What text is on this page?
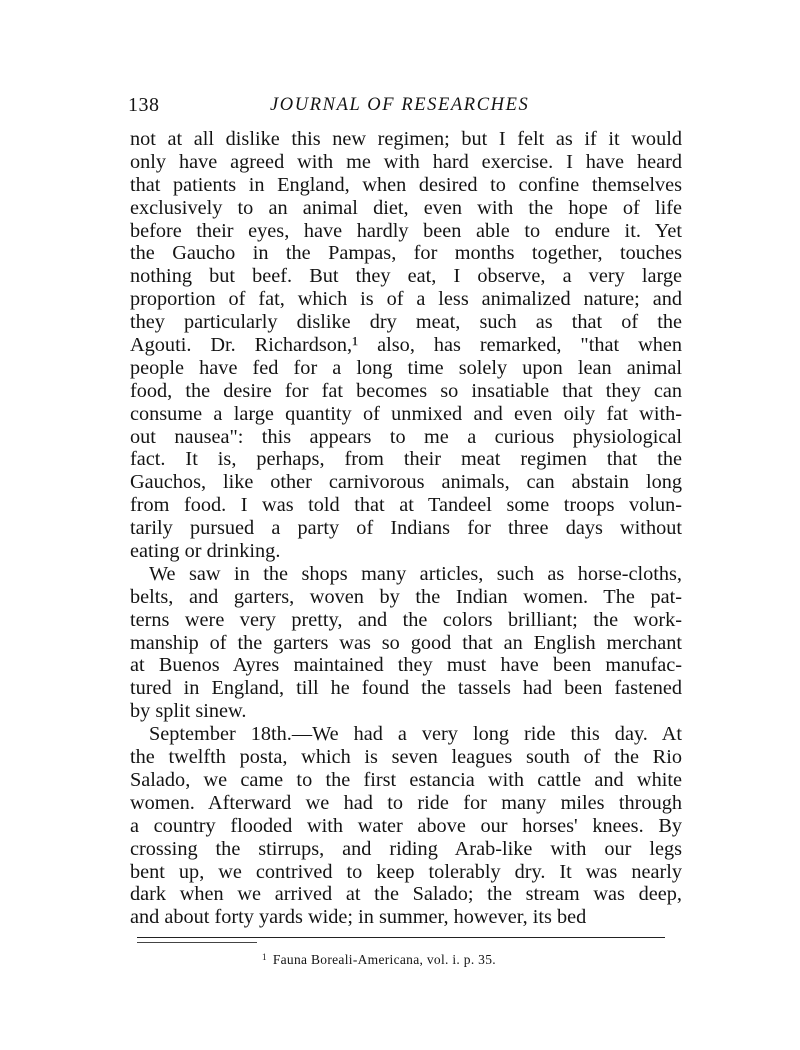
138	JOURNAL OF RESEARCHES
not at all dislike this new regimen; but I felt as if it would
only have agreed with me with hard exercise. I have heard
that patients in England, when desired to confine themselves
exclusively to an animal diet, even with the hope of life
before their eyes, have hardly been able to endure it. Yet
the Gaucho in the Pampas, for months together, touches
nothing but beef. But they eat, I observe, a very large
proportion of fat, which is of a less animalized nature; and
they particularly dislike dry meat, such as that of the
Agouti. Dr. Richardson,¹ also, has remarked, "that when
people have fed for a long time solely upon lean animal
food, the desire for fat becomes so insatiable that they can
consume a large quantity of unmixed and even oily fat with-
out nausea": this appears to me a curious physiological
fact. It is, perhaps, from their meat regimen that the
Gauchos, like other carnivorous animals, can abstain long
from food. I was told that at Tandeel some troops volun-
tarily pursued a party of Indians for three days without
eating or drinking.
We saw in the shops many articles, such as horse-cloths,
belts, and garters, woven by the Indian women. The pat-
terns were very pretty, and the colors brilliant; the work-
manship of the garters was so good that an English merchant
at Buenos Ayres maintained they must have been manufac-
tured in England, till he found the tassels had been fastened
by split sinew.
September 18th.—We had a very long ride this day. At
the twelfth posta, which is seven leagues south of the Rio
Salado, we came to the first estancia with cattle and white
women. Afterward we had to ride for many miles through
a country flooded with water above our horses' knees. By
crossing the stirrups, and riding Arab-like with our legs
bent up, we contrived to keep tolerably dry. It was nearly
dark when we arrived at the Salado; the stream was deep,
and about forty yards wide; in summer, however, its bed
$^1$ Fauna Boreali-Americana, vol. i. p. 35.
